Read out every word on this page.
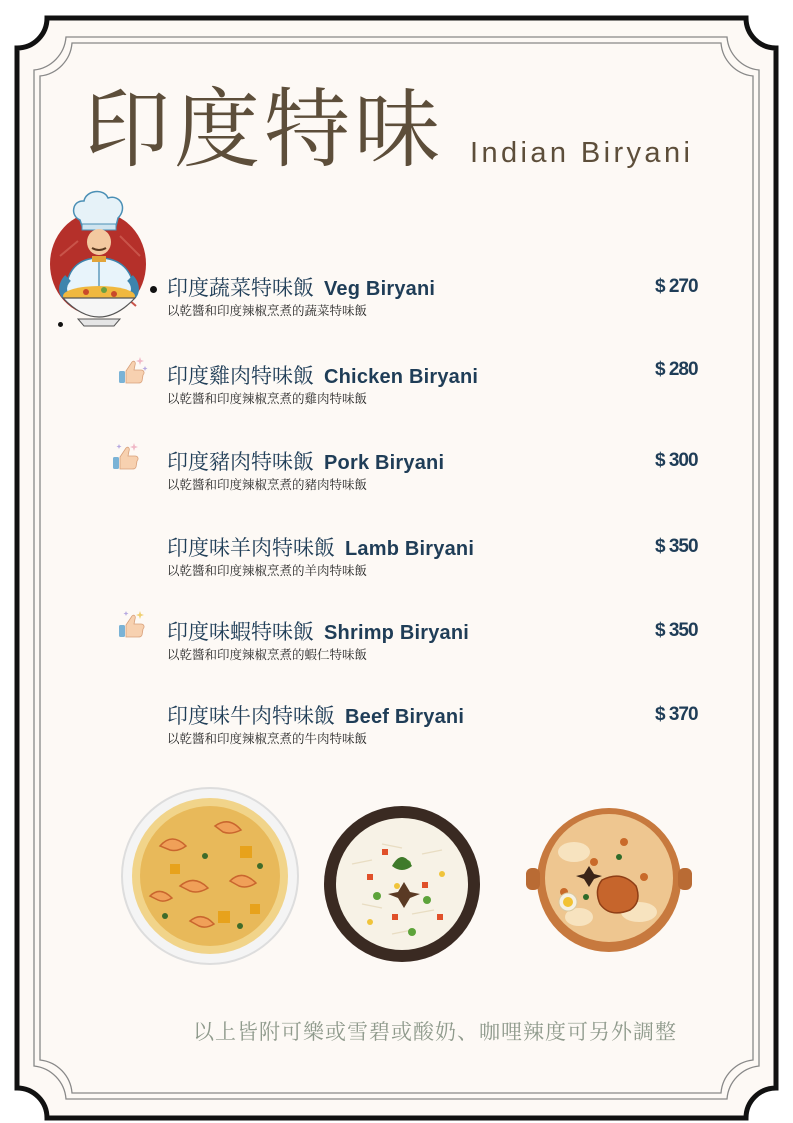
印度特味 Indian Biryani
印度蔬菜特味飯 Veg Biryani
以乾醬和印度辣椒烹煮的蔬菜特味飯
$ 270
印度雞肉特味飯 Chicken Biryani
以乾醬和印度辣椒烹煮的雞肉特味飯
$ 280
印度豬肉特味飯 Pork Biryani
以乾醬和印度辣椒烹煮的豬肉特味飯
$ 300
印度味羊肉特味飯 Lamb Biryani
以乾醬和印度辣椒烹煮的羊肉特味飯
$ 350
印度味蝦特味飯 Shrimp Biryani
以乾醬和印度辣椒烹煮的蝦仁特味飯
$ 350
印度味牛肉特味飯 Beef Biryani
以乾醬和印度辣椒烹煮的牛肉特味飯
$ 370
以上皆附可樂或雪碧或酸奶、咖哩辣度可另外調整
